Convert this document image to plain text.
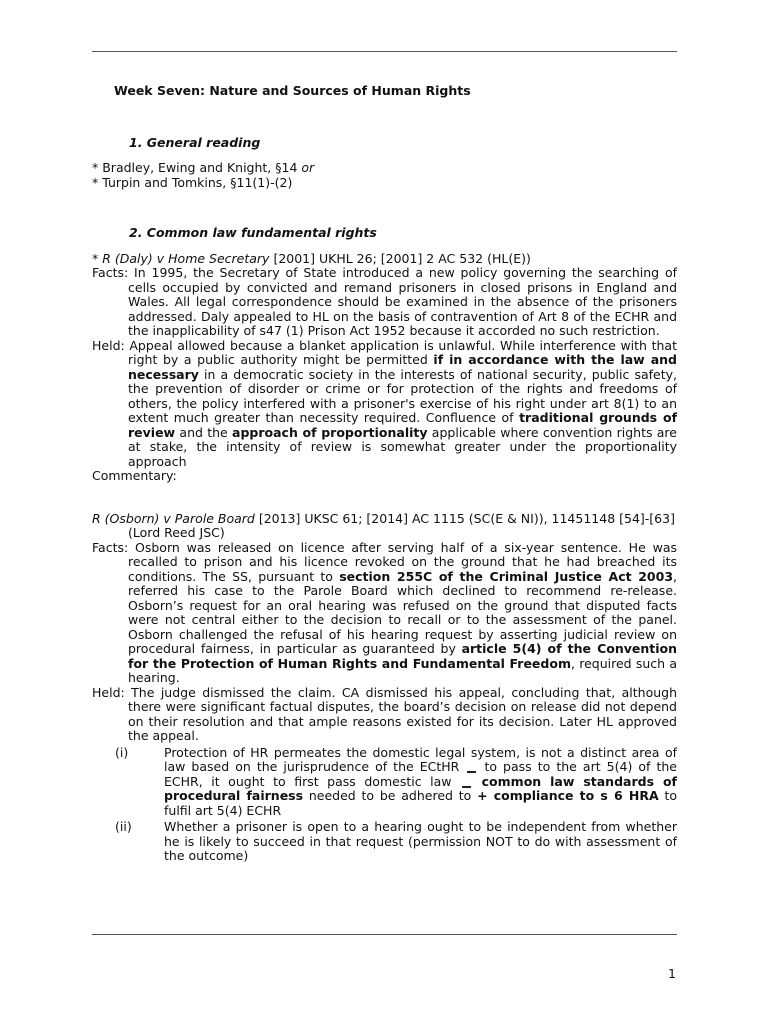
Week Seven: Nature and Sources of Human Rights

1. General reading

* Bradley, Ewing and Knight, §14 or

* Turpin and Tomkins, §11(1)-(2)

2. Common law fundamental rights

* R (Daly) v Home Secretary [2001] UKHL 26; [2001] 2 AC 532 (HL(E))

Facts: In 1995, the Secretary of State introduced a new policy governing the searching of cells occupied by convicted and remand prisoners in closed prisons in England and Wales. All legal correspondence should be examined in the absence of the prisoners addressed. Daly appealed to HL on the basis of contravention of Art 8 of the ECHR and the inapplicability of s47 (1) Prison Act 1952 because it accorded no such restriction.

Held: Appeal allowed because a blanket application is unlawful. While interference with that right by a public authority might be permitted if in accordance with the law and necessary in a democratic society in the interests of national security, public safety, the prevention of disorder or crime or for protection of the rights and freedoms of others, the policy interfered with a prisoner's exercise of his right under art 8(1) to an extent much greater than necessity required. Confluence of traditional grounds of review and the approach of proportionality applicable where convention rights are at stake, the intensity of review is somewhat greater under the proportionality approach

Commentary:

R (Osborn) v Parole Board [2013] UKSC 61; [2014] AC 1115 (SC(E & NI)), 11451148 [54]-[63] (Lord Reed JSC)

Facts: Osborn was released on licence after serving half of a six-year sentence. He was recalled to prison and his licence revoked on the ground that he had breached its conditions. The SS, pursuant to section 255C of the Criminal Justice Act 2003, referred his case to the Parole Board which declined to recommend re-release. Osborn’s request for an oral hearing was refused on the ground that disputed facts were not central either to the decision to recall or to the assessment of the panel. Osborn challenged the refusal of his hearing request by asserting judicial review on procedural fairness, in particular as guaranteed by article 5(4) of the Convention for the Protection of Human Rights and Fundamental Freedom, required such a hearing.

Held: The judge dismissed the claim. CA dismissed his appeal, concluding that, although there were significant factual disputes, the board’s decision on release did not depend on their resolution and that ample reasons existed for its decision. Later HL approved the appeal.

(i)	Protection of HR permeates the domestic legal system, is not a distinct area of law based on the jurisprudence of the ECtHR  to pass to the art 5(4) of the ECHR, it ought to first pass domestic law  common law standards of procedural fairness needed to be adhered to + compliance to s 6 HRA to fulfil art 5(4) ECHR
(ii)	Whether a prisoner is open to a hearing ought to be independent from whether he is likely to succeed in that request (permission NOT to do with assessment of the outcome)
1
